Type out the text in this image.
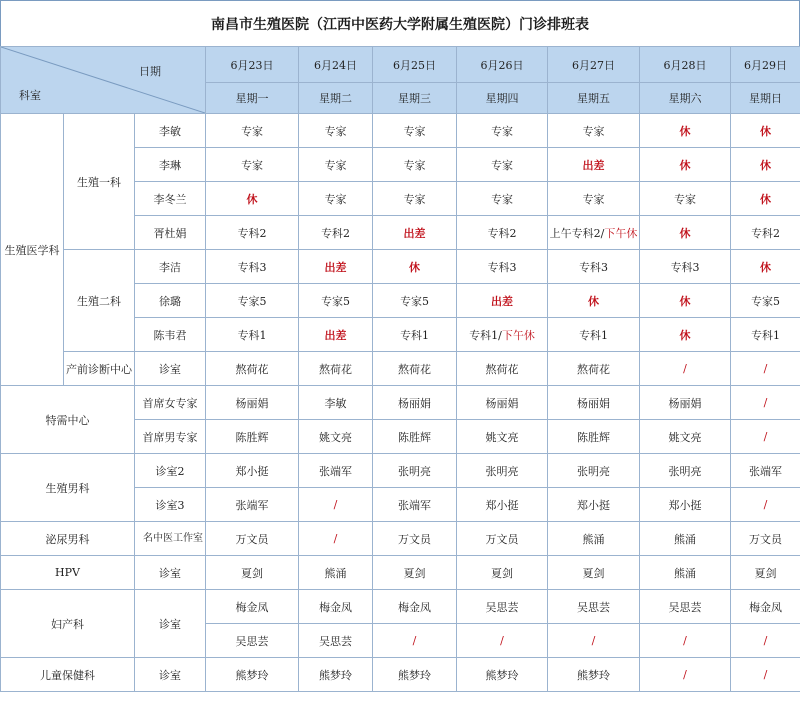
南昌市生殖医院（江西中医药大学附属生殖医院）门诊排班表
日期
科室			6月23日	6月24日	6月25日	6月26日	6月27日	6月28日	6月29日
			星期一	星期二	星期三	星期四	星期五	星期六	星期日
生殖医学科	生殖一科	李敏	专家	专家	专家	专家	专家	休	休
		李琳	专家	专家	专家	专家	出差	休	休
		李冬兰	休	专家	专家	专家	专家	专家	休
		胥杜娟	专科2	专科2	出差	专科2	上午专科2/下午休	休	专科2
	生殖二科	李洁	专科3	出差	休	专科3	专科3	专科3	休
		徐璐	专家5	专家5	专家5	出差	休	休	专家5
		陈韦君	专科1	出差	专科1	专科1/下午休	专科1	休	专科1
	产前诊断中心	诊室	熬荷花	熬荷花	熬荷花	熬荷花	熬荷花	/	/
特需中心		首席女专家	杨丽娟	李敏	杨丽娟	杨丽娟	杨丽娟	杨丽娟	/
		首席男专家	陈胜辉	姚文亮	陈胜辉	姚文亮	陈胜辉	姚文亮	/
生殖男科		诊室2	郑小挺	张端军	张明亮	张明亮	张明亮	张明亮	张端军
		诊室3	张端军	/	张端军	郑小挺	郑小挺	郑小挺	/
泌尿男科		名中医工作室	万文员	/	万文员	万文员	熊涌	熊涌	万文员
HPV		诊室	夏剑	熊涌	夏剑	夏剑	夏剑	熊涌	夏剑
妇产科		诊室	梅金凤	梅金凤	梅金凤	吴思芸	吴思芸	吴思芸	梅金凤
			吴思芸	吴思芸	/	/	/	/	/
儿童保健科		诊室	熊梦玲	熊梦玲	熊梦玲	熊梦玲	熊梦玲	/	/
